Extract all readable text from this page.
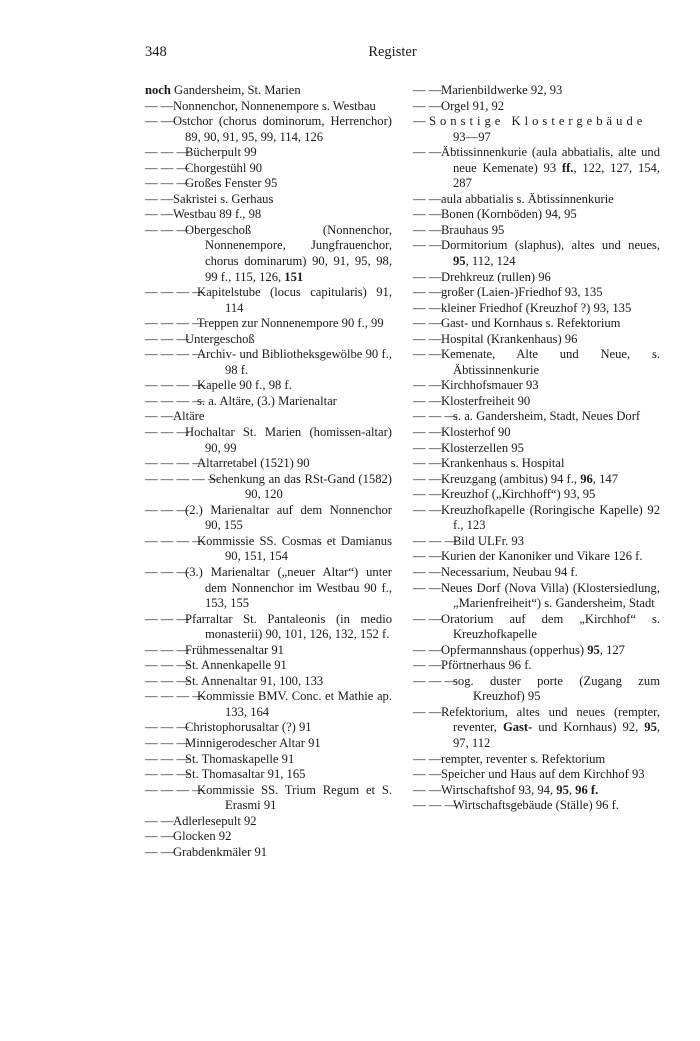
348	Register
noch Gandersheim, St. Marien
— — Nonnenchor, Nonnenempore s. Westbau
— — Ostchor (chorus dominorum, Herrenchor) 89, 90, 91, 95, 99, 114, 126
— — —
Bücherpult 99
— — —
Chorgestühl 90
— — —
Großes Fenster 95
— — Sakristei s. Gerhaus
— — Westbau 89 f., 98
— — —
Obergeschoß (Nonnenchor, Nonnenempore, Jungfrauenchor, chorus dominarum) 90, 91, 95, 98, 99 f., 115, 126, 151
— — — —
Kapitelstube (locus capitularis) 91, 114
— — — —
Treppen zur Nonnenempore 90 f., 99
— — —
Untergeschoß
— — — —
Archiv- und Bibliotheksgewölbe 90 f., 98 f.
— — — —
Kapelle 90 f., 98 f.
— — — —
s. a. Altäre, (3.) Marienaltar
— — Altäre
— — —
Hochaltar St. Marien (homissen-altar) 90, 99
— — — —
Altarretabel (1521) 90
— — — — —
Schenkung an das RSt-Gand (1582) 90, 120
— — —
(2.) Marienaltar auf dem Nonnenchor 90, 155
— — — —
Kommissie SS. Cosmas et Damianus 90, 151, 154
— — —
(3.) Marienaltar („neuer Altar“) unter dem Nonnenchor im Westbau 90 f., 153, 155
— — —
Pfarraltar St. Pantaleonis (in medio monasterii) 90, 101, 126, 132, 152 f.
— — —
Frühmessenaltar 91
— — —
St. Annenkapelle 91
— — —
St. Annenaltar 91, 100, 133
— — — —
Kommissie BMV. Conc. et Mathie ap. 133, 164
— — —
Christophorusaltar (?) 91
— — —
Minnigerodescher Altar 91
— — —
St. Thomaskapelle 91
— — —
St. Thomasaltar 91, 165
— — — —
Kommissie SS. Trium Regum et S. Erasmi 91
— — Adlerlesepult 92
— — Glocken 92
— — Grabdenkmäler 91
— — Marienbildwerke 92, 93
— — Orgel 91, 92
— Sonstige Klostergebäude 93—97
— — Äbtissinnenkurie (aula abbatialis, alte und neue Kemenate) 93 ff., 122, 127, 154, 287
— — aula abbatialis s. Äbtissinnenkurie
— — Bonen (Kornböden) 94, 95
— — Brauhaus 95
— — Dormitorium (slaphus), altes und neues, 95, 112, 124
— — Drehkreuz (rullen) 96
— — großer (Laien-)Friedhof 93, 135
— — kleiner Friedhof (Kreuzhof ?) 93, 135
— — Gast- und Kornhaus s. Refektorium
— — Hospital (Krankenhaus) 96
— — Kemenate, Alte und Neue, s. Äbtissinnenkurie
— — Kirchhofsmauer 93
— — Klosterfreiheit 90
— — —
s. a. Gandersheim, Stadt, Neues Dorf
— — Klosterhof 90
— — Klosterzellen 95
— — Krankenhaus s. Hospital
— — Kreuzgang (ambitus) 94 f., 96, 147
— — Kreuzhof („Kirchhoff“) 93, 95
— — Kreuzhofkapelle (Roringische Kapelle) 92 f., 123
— — —
Bild ULFr. 93
— — Kurien der Kanoniker und Vikare 126 f.
— — Necessarium, Neubau 94 f.
— — Neues Dorf (Nova Villa) (Klostersiedlung, „Marienfreiheit“) s. Gandersheim, Stadt
— — Oratorium auf dem „Kirchhof“ s. Kreuzhofkapelle
— — Opfermannshaus (opperhus) 95, 127
— — Pförtnerhaus 96 f.
— — —
sog. duster porte (Zugang zum Kreuzhof) 95
— — Refektorium, altes und neues (rempter, reventer, Gast- und Kornhaus) 92, 95, 97, 112
— — rempter, reventer s. Refektorium
— — Speicher und Haus auf dem Kirchhof 93
— — Wirtschaftshof 93, 94, 95, 96 f.
— — —
Wirtschaftsgebäude (Ställe) 96 f.
